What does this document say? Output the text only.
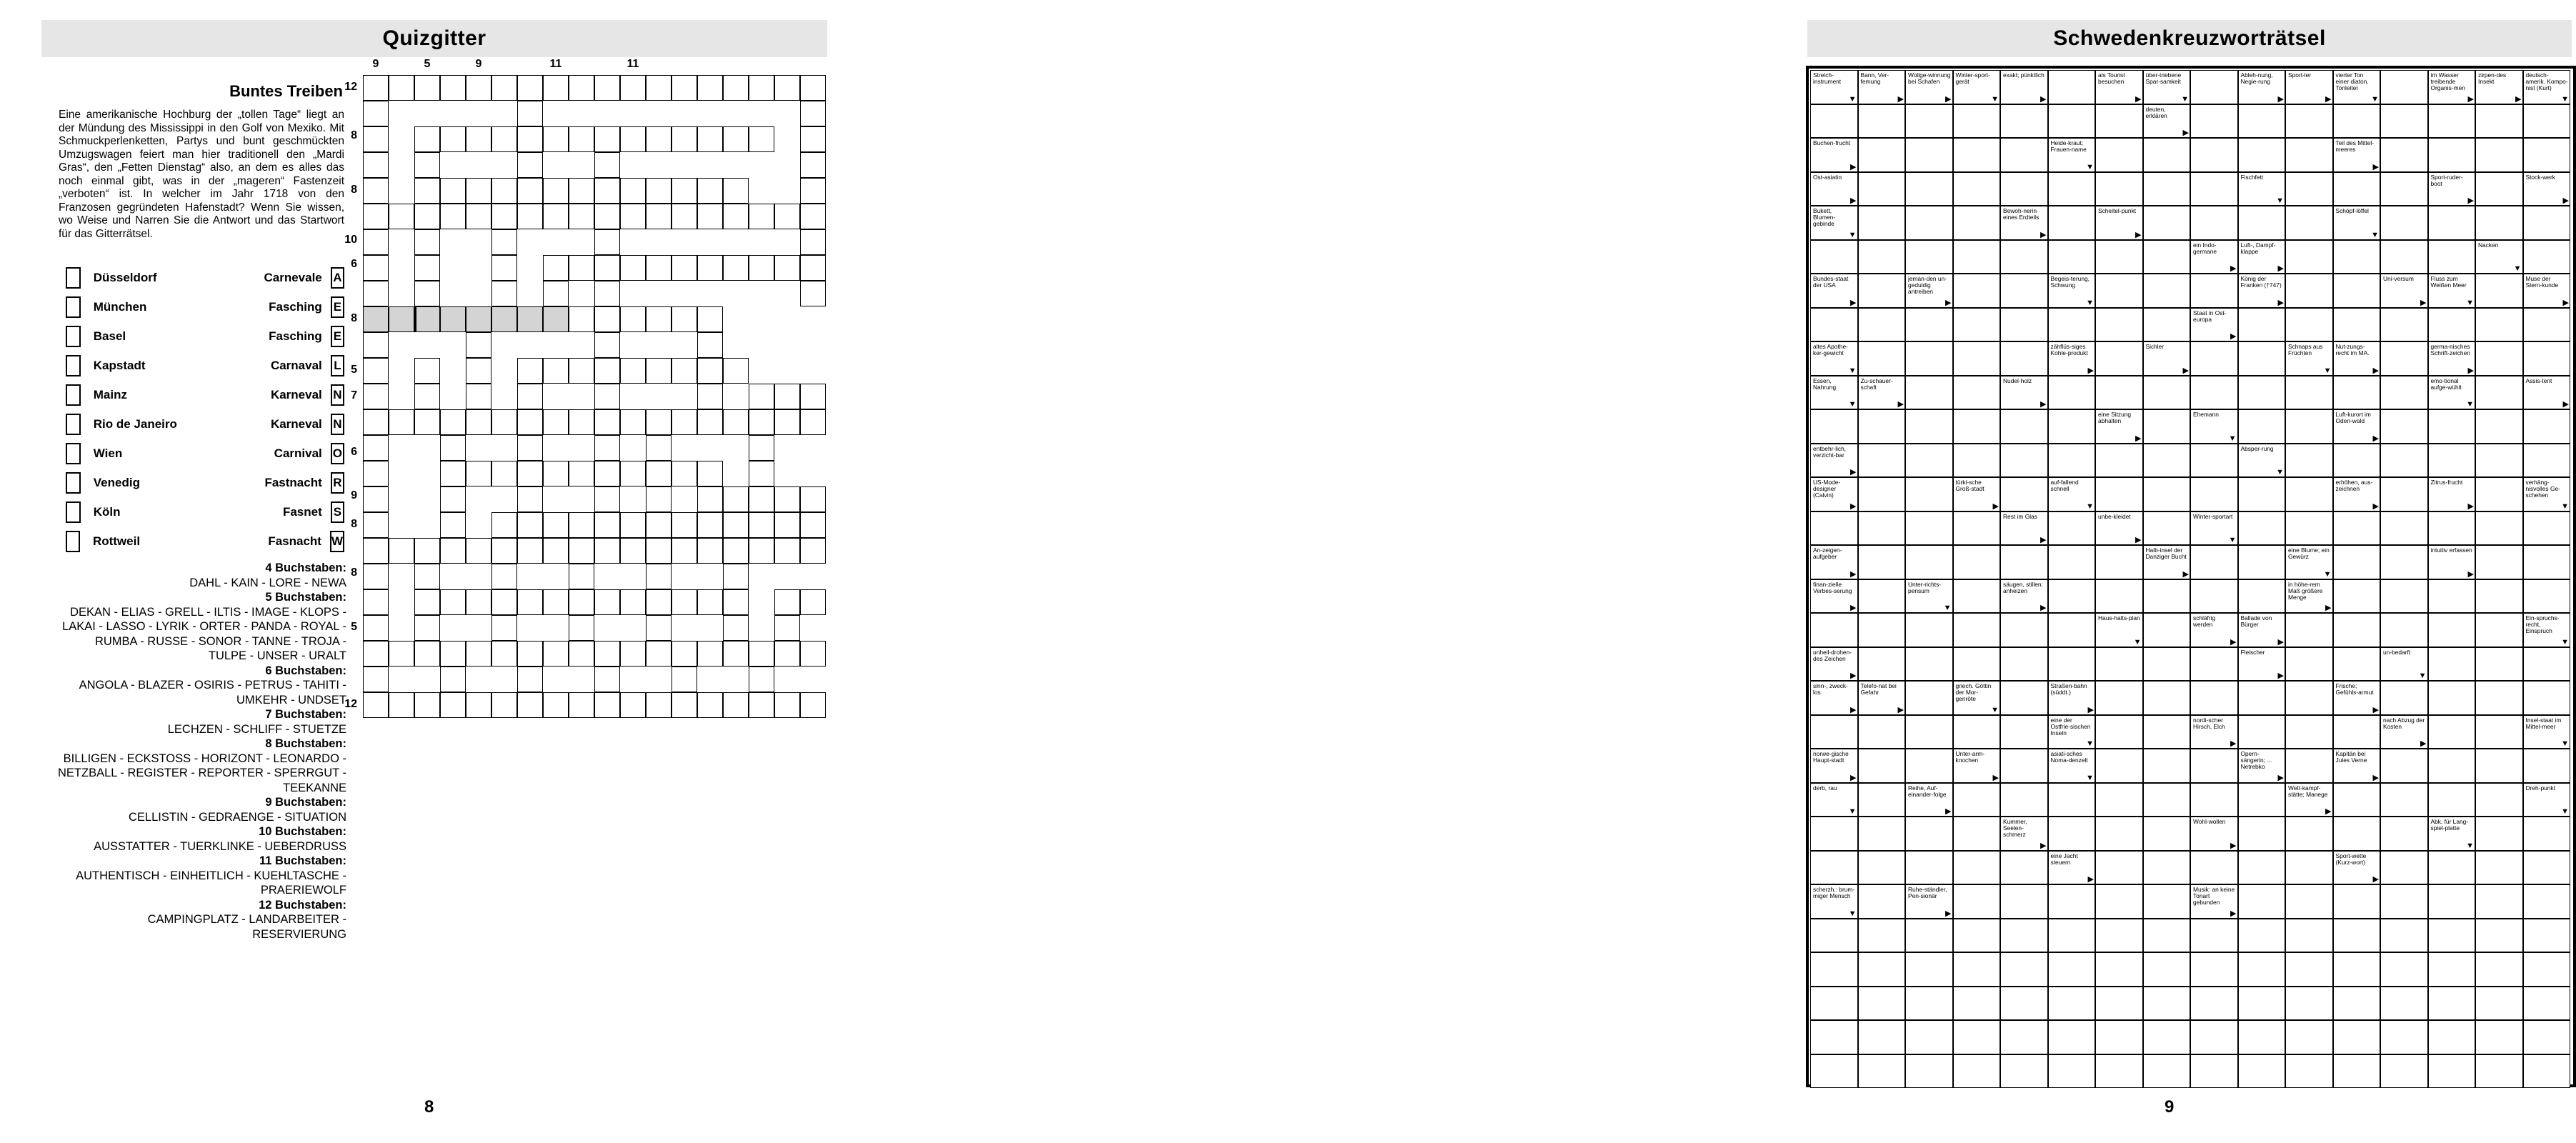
Quizgitter
Buntes Treiben

Eine amerikanische Hochburg der „tollen Tage“ liegt an der Mündung des Mississippi in den Golf von Mexiko. Mit Schmuckperlenketten, Partys und bunt geschmückten Umzugswagen feiert man hier traditionell den „Mardi Gras“, den „Fetten Dienstag“ also, an dem es alles das noch einmal gibt, was in der „mageren“ Fastenzeit „verboten“ ist. In welcher im Jahr 1718 von den Franzosen gegründeten Hafenstadt? Wenn Sie wissen, wo Weise und Narren Sie die Antwort und das Startwort für das Gitterrätsel.

Düsseldorf	Carnevale A
München	Fasching E
Basel	Fasching E
Kapstadt	Carnaval L
Mainz	Karneval N
Rio de Janeiro	Karneval N
Wien	Carnival O
Venedig	Fastnacht R
Köln	Fasnet S
Rottweil	Fasnacht W
4 Buchstaben:
DAHL - KAIN - LORE - NEWA
5 Buchstaben:
DEKAN - ELIAS - GRELL - ILTIS - IMAGE - KLOPS - LAKAI - LASSO - LYRIK - ORTER - PANDA - ROYAL - RUMBA - RUSSE - SONOR - TANNE - TROJA - TULPE - UNSER - URALT
6 Buchstaben:
ANGOLA - BLAZER - OSIRIS - PETRUS - TAHITI - UMKEHR - UNDSET
7 Buchstaben:
LECHZEN - SCHLIFF - STUETZE
8 Buchstaben:
BILLIGEN - ECKSTOSS - HORIZONT - LEONARDO - NETZBALL - REGISTER - REPORTER - SPERRGUT - TEEKANNE
9 Buchstaben:
CELLISTIN - GEDRAENGE - SITUATION
10 Buchstaben:
AUSSTATTER - TUERKLINKE - UEBERDRUSS
11 Buchstaben:
AUTHENTISCH - EINHEITLICH - KUEHLTASCHE - PRAERIEWOLF
12 Buchstaben:
CAMPINGPLATZ - LANDARBEITER - RESERVIERUNG
9	5	9	11	11
12
8
8
10
6
8
5
7
6
9
8
8
5
12
8
Schwedenkreuzworträtsel
Streich-instrument
▼
Bann, Ver-femung
▶
Wollge-winnung bei Schafen
▶
Winter-sport-gerät
▼
exakt; pünktlich
▶
als Tourist besuchen
▶
über-triebene Spar-samkeit
▼
Ableh-nung, Negie-rung
▶
Sport-ler
▶
vierter Ton einer diaton. Tonleiter
▼
im Wasser treibende Organis-men
▶
zirpen-des Insekt
▶
deutsch-amerik. Kompo-nist (Kurt)
▼
deuten, erklären
▶
Buchen-frucht
▶
Heide-kraut; Frauen-name
▼
Teil des Mittel-meeres
▶
Ost-asiatin
▶
Fischfett
▼
Sport-ruder-boot
▶
Stock-werk
▶
Bukett, Blumen-gebinde
▼
Bewoh-nerin eines Erdteils
▶
Scheitel-punkt
▶
Schöpf-löffel
▼
ein Indo-germane
▶
Luft-, Dampf-klappe
▶
Nacken
▼
Bundes-staat der USA
▶
jeman-den un-geduldig antreiben
▶
Begeis-terung, Schwung
▼
König der Franken (†747)
▶
Uni-versum
▶
Fluss zum Weißen Meer
▼
Muse der Stern-kunde
▶
Staat in Ost-europa
▶
altes Apothe-ker-gewicht
▼
zähflüs-siges Kohle-produkt
▶
Sichler
▶
Schnaps aus Früchten
▼
Nut-zungs-recht im MA.
▶
germa-nisches Schrift-zeichen
▶
Essen, Nahrung
▼
Zu-schauer-schaft
▶
Nudel-holz
▶
emo-tional aufge-wühlt
▼
Assis-tent
▶
eine Sitzung abhalten
▶
Ehemann
▼
Luft-kurort im Oden-wald
▶
entbehr-lich, verzicht-bar
▶
Absper-rung
▼
US-Mode-designer (Calvin)
▶
türki-sche Groß-stadt
▶
auf-fallend schnell
▼
erhöhen, aus-zeichnen
▶
Zitrus-frucht
▶
verhäng-nisvolles Ge-schehen
▼
Rest im Glas
▶
unbe-kleidet
▶
Winter-sportart
▼
An-zeigen-aufgeber
▶
Halb-insel der Danziger Bucht
▶
eine Blume; ein Gewürz
▼
intuitiv erfassen
▶
finan-zielle Verbes-serung
▶
Unter-richts-pensum
▼
säugen, stillen; anheizen
▶
in höhe-rem Maß größere Menge
▶
Haus-halts-plan
▼
schläfrig werden
▶
Ballade von Bürger
▶
Ein-spruchs-recht, Einspruch
▼
unheil-drohen-des Zeichen
▶
Fleischer
▶
un-bedarft
▼
sinn-, zweck-los
▶
Telefo-nat bei Gefahr
▶
griech. Göttin der Mor-genröte
▼
Straßen-bahn (süddt.)
▶
Frische; Gefühls-armut
▶
eine der Ostfrie-sischen Inseln
▼
nordi-scher Hirsch, Elch
▶
nach Abzug der Kosten
▶
Insel-staat im Mittel-meer
▼
norwe-gische Haupt-stadt
▶
Unter-arm-knochen
▶
asiati-sches Noma-denzelt
▼
Opern-sängerin; ... Netrebko
▶
Kapitän bei Jules Verne
▶
derb, rau
▼
Reihe, Auf-einander-folge
▶
Wett-kampf-stätte; Manege
▶
Dreh-punkt
▼
Kummer, Seelen-schmerz
▶
Wohl-wollen
▶
Abk. für Lang-spiel-platte
▼
eine Jacht steuern
▶
Sport-wette (Kurz-wort)
▶
scherzh.: brum-miger Mensch
▼
Ruhe-ständler, Pen-sionär
▶
Musik: an keine Tonart gebunden
▶
9
